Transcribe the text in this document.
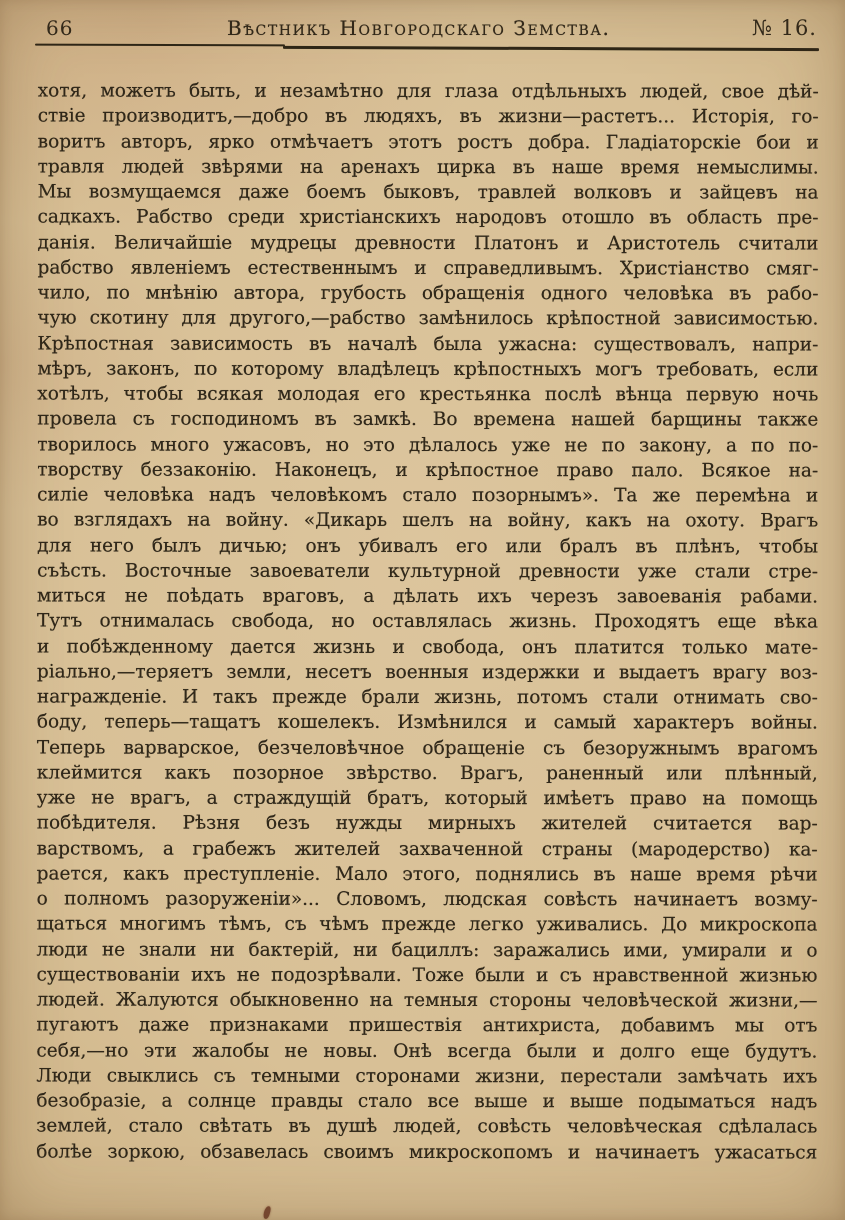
66	Вѣстникъ Новгородскаго Земства.	№ 16.
хотя, можетъ быть, и незамѣтно для глаза отдѣльныхъ людей, свое дѣй-
ствіе производитъ,—добро въ людяхъ, въ жизни—растетъ... Исторія, го-
воритъ авторъ, ярко отмѣчаетъ этотъ ростъ добра. Гладіаторскіе бои и
травля людей звѣрями на аренахъ цирка въ наше время немыслимы.
Мы возмущаемся даже боемъ быковъ, травлей волковъ и зайцевъ на
садкахъ. Рабство среди христіанскихъ народовъ отошло въ область пре-
данія. Величайшіе мудрецы древности Платонъ и Аристотель считали
рабство явленіемъ естественнымъ и справедливымъ. Христіанство смяг-
чило, по мнѣнію автора, грубость обращенія одного человѣка въ рабо-
чую скотину для другого,—рабство замѣнилось крѣпостной зависимостью.
Крѣпостная зависимость въ началѣ была ужасна: существовалъ, напри-
мѣръ, законъ, по которому владѣлецъ крѣпостныхъ могъ требовать, если
хотѣлъ, чтобы всякая молодая его крестьянка послѣ вѣнца первую ночь
провела съ господиномъ въ замкѣ. Во времена нашей барщины также
творилось много ужасовъ, но это дѣлалось уже не по закону, а по по-
творству беззаконію. Наконецъ, и крѣпостное право пало. Всякое на-
силіе человѣка надъ человѣкомъ стало позорнымъ». Та же перемѣна и
во взглядахъ на войну. «Дикарь шелъ на войну, какъ на охоту. Врагъ
для него былъ дичью; онъ убивалъ его или бралъ въ плѣнъ, чтобы
съѣсть. Восточные завоеватели культурной древности уже стали стре-
миться не поѣдать враговъ, а дѣлать ихъ черезъ завоеванія рабами.
Тутъ отнималась свобода, но оставлялась жизнь. Проходятъ еще вѣка
и побѣжденному дается жизнь и свобода, онъ платится только мате-
ріально,—теряетъ земли, несетъ военныя издержки и выдаетъ врагу воз-
награжденіе. И такъ прежде брали жизнь, потомъ стали отнимать сво-
боду, теперь—тащатъ кошелекъ. Измѣнился и самый характеръ войны.
Теперь варварское, безчеловѣчное обращеніе съ безоружнымъ врагомъ
клеймится какъ позорное звѣрство. Врагъ, раненный или плѣнный,
уже не врагъ, а страждущій братъ, который имѣетъ право на помощь
побѣдителя. Рѣзня безъ нужды мирныхъ жителей считается вар-
варствомъ, а грабежъ жителей захваченной страны (мародерство) ка-
рается, какъ преступленіе. Мало этого, поднялись въ наше время рѣчи
о полномъ разоруженіи»... Словомъ, людская совѣсть начинаетъ возму-
щаться многимъ тѣмъ, съ чѣмъ прежде легко уживались. До микроскопа
люди не знали ни бактерій, ни бациллъ: заражались ими, умирали и о
существованіи ихъ не подозрѣвали. Тоже были и съ нравственной жизнью
людей. Жалуются обыкновенно на темныя стороны человѣческой жизни,—
пугаютъ даже признаками пришествія антихриста, добавимъ мы отъ
себя,—но эти жалобы не новы. Онѣ всегда были и долго еще будутъ.
Люди свыклись съ темными сторонами жизни, перестали замѣчать ихъ
безобразіе, а солнце правды стало все выше и выше подыматься надъ
землей, стало свѣтать въ душѣ людей, совѣсть человѣческая сдѣлалась
болѣе зоркою, обзавелась своимъ микроскопомъ и начинаетъ ужасаться
